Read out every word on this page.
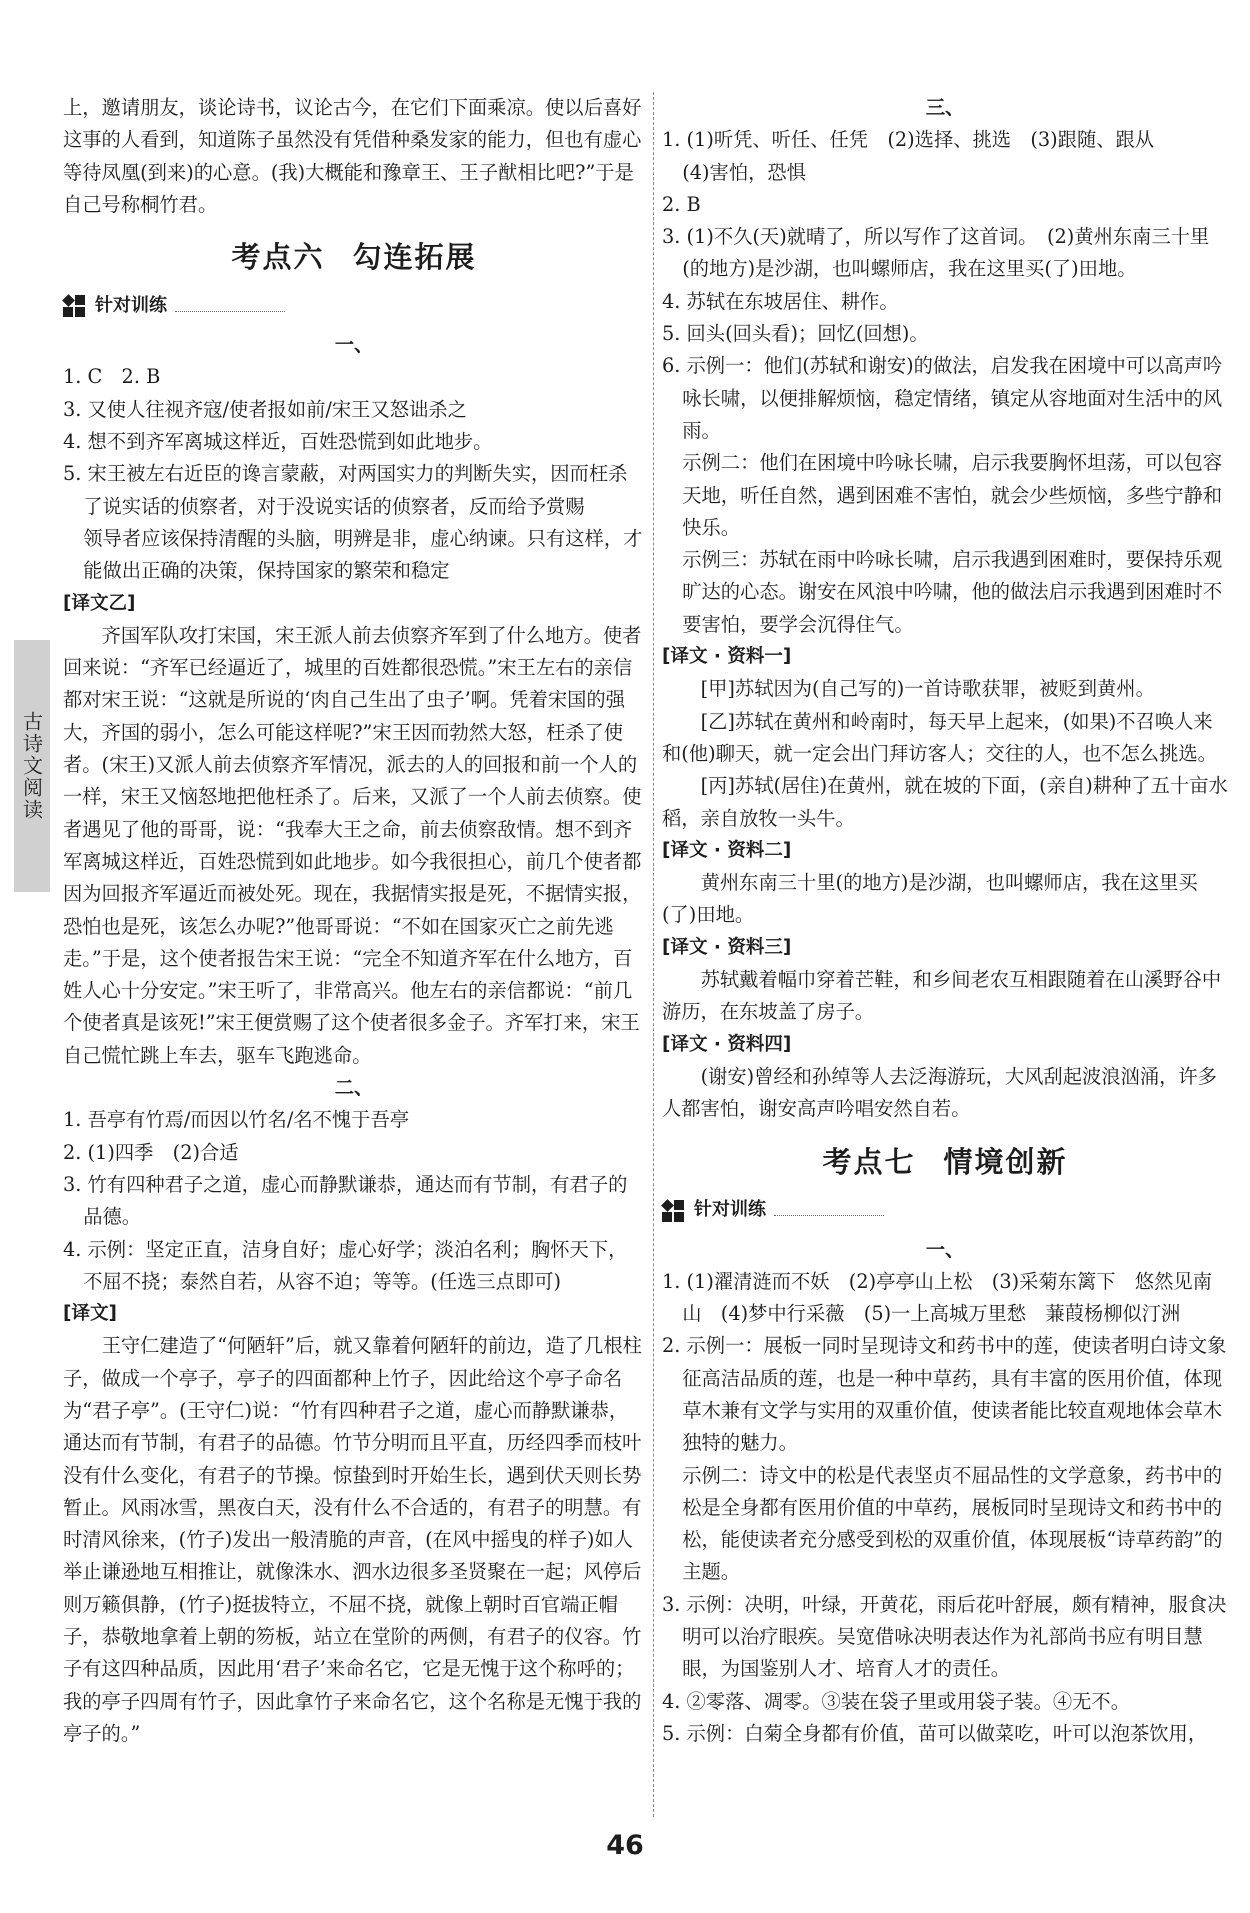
古诗文阅读

上，邀请朋友，谈论诗书，议论古今，在它们下面乘凉。使以后喜好这事的人看到，知道陈子虽然没有凭借种桑发家的能力，但也有虚心等待凤凰(到来)的心意。(我)大概能和豫章王、王子猷相比吧?”于是自己号称桐竹君。

考点六 勾连拓展
针对训练

一、

1. C　2. B

3. 又使人往视齐寇/使者报如前/宋王又怒诎杀之

4. 想不到齐军离城这样近，百姓恐慌到如此地步。

5. 宋王被左右近臣的谗言蒙蔽，对两国实力的判断失实，因而枉杀了说实话的侦察者，对于没说实话的侦察者，反而给予赏赐

领导者应该保持清醒的头脑，明辨是非，虚心纳谏。只有这样，才能做出正确的决策，保持国家的繁荣和稳定

[译文乙]

齐国军队攻打宋国，宋王派人前去侦察齐军到了什么地方。使者回来说：“齐军已经逼近了，城里的百姓都很恐慌。”宋王左右的亲信都对宋王说：“这就是所说的‘肉自己生出了虫子’啊。凭着宋国的强大，齐国的弱小，怎么可能这样呢?”宋王因而勃然大怒，枉杀了使者。(宋王)又派人前去侦察齐军情况，派去的人的回报和前一个人的一样，宋王又恼怒地把他枉杀了。后来，又派了一个人前去侦察。使者遇见了他的哥哥，说：“我奉大王之命，前去侦察敌情。想不到齐军离城这样近，百姓恐慌到如此地步。如今我很担心，前几个使者都因为回报齐军逼近而被处死。现在，我据情实报是死，不据情实报，恐怕也是死，该怎么办呢?”他哥哥说：“不如在国家灭亡之前先逃走。”于是，这个使者报告宋王说：“完全不知道齐军在什么地方，百姓人心十分安定。”宋王听了，非常高兴。他左右的亲信都说：“前几个使者真是该死!”宋王便赏赐了这个使者很多金子。齐军打来，宋王自己慌忙跳上车去，驱车飞跑逃命。

二、

1. 吾亭有竹焉/而因以竹名/名不愧于吾亭

2. (1)四季　(2)合适

3. 竹有四种君子之道，虚心而静默谦恭，通达而有节制，有君子的品德。

4. 示例：坚定正直，洁身自好；虚心好学；淡泊名利；胸怀天下，不屈不挠；泰然自若，从容不迫；等等。(任选三点即可)

[译文]

王守仁建造了“何陋轩”后，就又靠着何陋轩的前边，造了几根柱子，做成一个亭子，亭子的四面都种上竹子，因此给这个亭子命名为“君子亭”。(王守仁)说：“竹有四种君子之道，虚心而静默谦恭，通达而有节制，有君子的品德。竹节分明而且平直，历经四季而枝叶没有什么变化，有君子的节操。惊蛰到时开始生长，遇到伏天则长势暂止。风雨冰雪，黑夜白天，没有什么不合适的，有君子的明慧。有时清风徐来，(竹子)发出一般清脆的声音，(在风中摇曳的样子)如人举止谦逊地互相推让，就像洙水、泗水边很多圣贤聚在一起；风停后则万籁俱静，(竹子)挺拔特立，不屈不挠，就像上朝时百官端正帽子，恭敬地拿着上朝的笏板，站立在堂阶的两侧，有君子的仪容。竹子有这四种品质，因此用‘君子’来命名它，它是无愧于这个称呼的；我的亭子四周有竹子，因此拿竹子来命名它，这个名称是无愧于我的亭子的。”

三、

1. (1)听凭、听任、任凭　(2)选择、挑选　(3)跟随、跟从

(4)害怕，恐惧

2. B

3. (1)不久(天)就晴了，所以写作了这首词。　(2)黄州东南三十里(的地方)是沙湖，也叫螺师店，我在这里买(了)田地。

4. 苏轼在东坡居住、耕作。

5. 回头(回头看)；回忆(回想)。

6. 示例一：他们(苏轼和谢安)的做法，启发我在困境中可以高声吟咏长啸，以便排解烦恼，稳定情绪，镇定从容地面对生活中的风雨。

示例二：他们在困境中吟咏长啸，启示我要胸怀坦荡，可以包容天地，听任自然，遇到困难不害怕，就会少些烦恼，多些宁静和快乐。

示例三：苏轼在雨中吟咏长啸，启示我遇到困难时，要保持乐观旷达的心态。谢安在风浪中吟啸，他的做法启示我遇到困难时不要害怕，要学会沉得住气。

[译文 · 资料一]

[甲]苏轼因为(自己写的)一首诗歌获罪，被贬到黄州。

[乙]苏轼在黄州和岭南时，每天早上起来，(如果)不召唤人来和(他)聊天，就一定会出门拜访客人；交往的人，也不怎么挑选。

[丙]苏轼(居住)在黄州，就在坡的下面，(亲自)耕种了五十亩水稻，亲自放牧一头牛。

[译文 · 资料二]

黄州东南三十里(的地方)是沙湖，也叫螺师店，我在这里买(了)田地。

[译文 · 资料三]

苏轼戴着幅巾穿着芒鞋，和乡间老农互相跟随着在山溪野谷中游历，在东坡盖了房子。

[译文 · 资料四]

(谢安)曾经和孙绰等人去泛海游玩，大风刮起波浪汹涌，许多人都害怕，谢安高声吟唱安然自若。

考点七 情境创新
针对训练

一、

1. (1)濯清涟而不妖　(2)亭亭山上松　(3)采菊东篱下　悠然见南山　(4)梦中行采薇　(5)一上高城万里愁　蒹葭杨柳似汀洲

2. 示例一：展板一同时呈现诗文和药书中的莲，使读者明白诗文象征高洁品质的莲，也是一种中草药，具有丰富的医用价值，体现草木兼有文学与实用的双重价值，使读者能比较直观地体会草木独特的魅力。

示例二：诗文中的松是代表坚贞不屈品性的文学意象，药书中的松是全身都有医用价值的中草药，展板同时呈现诗文和药书中的松，能使读者充分感受到松的双重价值，体现展板“诗草药韵”的主题。

3. 示例：决明，叶绿，开黄花，雨后花叶舒展，颇有精神，服食决明可以治疗眼疾。吴宽借咏决明表达作为礼部尚书应有明目慧眼，为国鉴别人才、培育人才的责任。

4. ②零落、凋零。③装在袋子里或用袋子装。④无不。

5. 示例：白菊全身都有价值，苗可以做菜吃，叶可以泡茶饮用，

46
